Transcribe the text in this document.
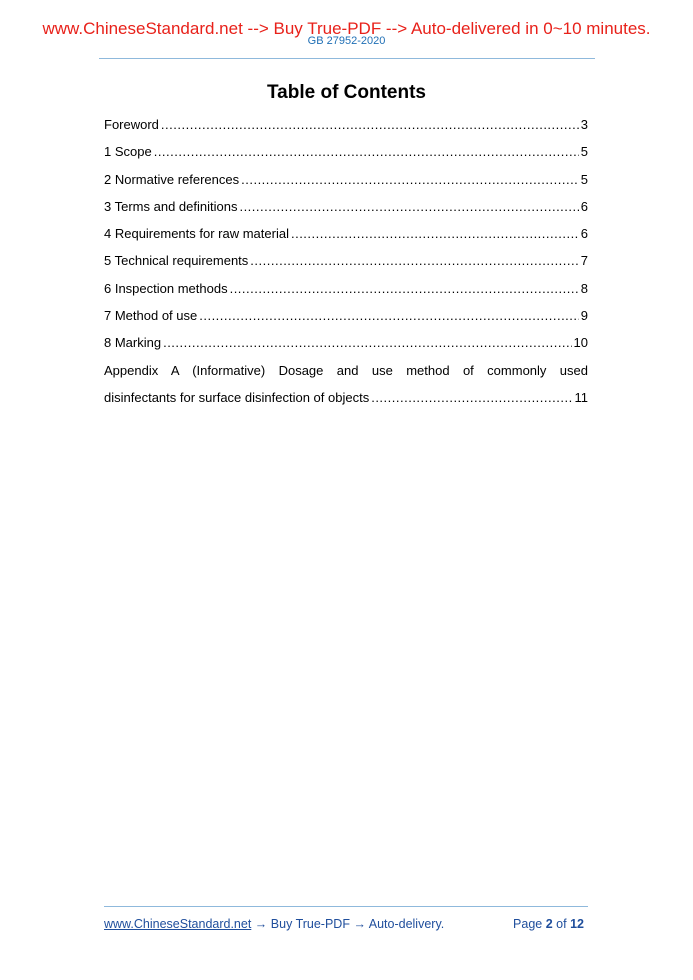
www.ChineseStandard.net --> Buy True-PDF --> Auto-delivered in 0~10 minutes.
GB 27952-2020
Table of Contents
Foreword .....	3
1 Scope .....	5
2 Normative references .....	5
3 Terms and definitions .....	6
4 Requirements for raw material .....	6
5 Technical requirements .....	7
6 Inspection methods .....	8
7 Method of use .....	9
8 Marking .....	10
Appendix A (Informative) Dosage and use method of commonly used
disinfectants for surface disinfection of objects .....	11
www.ChineseStandard.net → Buy True-PDF → Auto-delivery.	Page 2 of 12
